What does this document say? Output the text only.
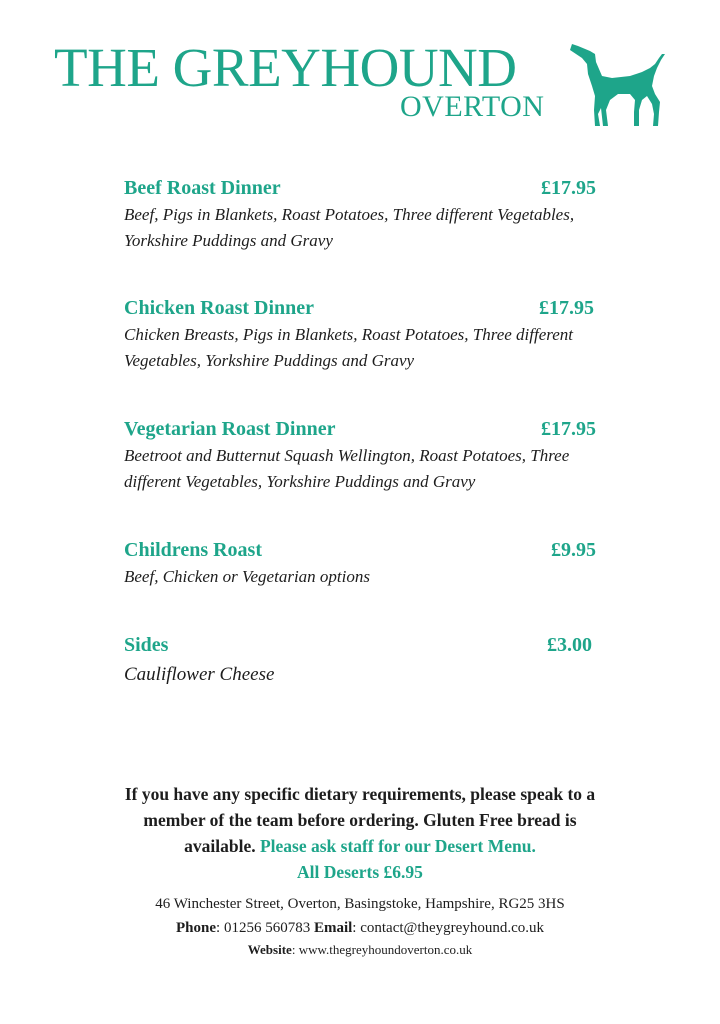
THE GREYHOUND
OVERTON
Beef Roast Dinner	£17.95
Beef, Pigs in Blankets, Roast Potatoes, Three different Vegetables, Yorkshire Puddings and Gravy
Chicken Roast Dinner	£17.95
Chicken Breasts, Pigs in Blankets, Roast Potatoes, Three different Vegetables, Yorkshire Puddings and Gravy
Vegetarian Roast Dinner	£17.95
Beetroot and Butternut Squash Wellington, Roast Potatoes, Three different Vegetables, Yorkshire Puddings and Gravy
Childrens Roast	£9.95
Beef, Chicken or Vegetarian options
Sides	£3.00
Cauliflower Cheese
If you have any specific dietary requirements, please speak to a member of the team before ordering. Gluten Free bread is available. Please ask staff for our Desert Menu.
All Deserts £6.95
46 Winchester Street, Overton, Basingstoke, Hampshire, RG25 3HS
Phone: 01256 560783 Email: contact@theygreyhound.co.uk
Website: www.thegreyhoundoverton.co.uk
